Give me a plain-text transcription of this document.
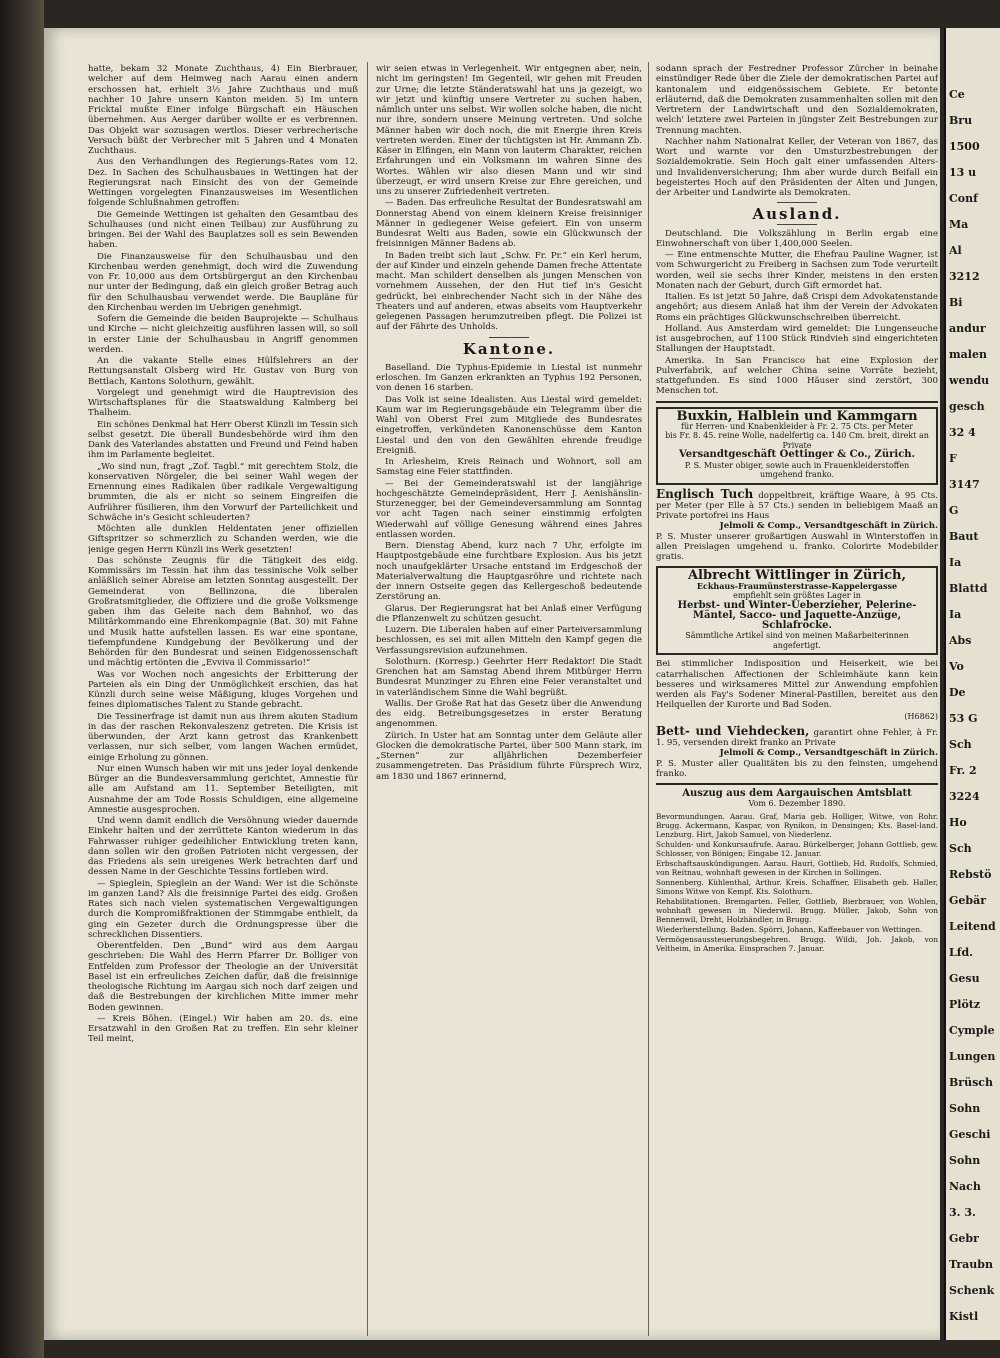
hatte, bekam 32 Monate Zuchthaus, 4) Ein Bierbrauer, welcher auf dem Heimweg nach Aarau einen andern erschossen hat, erhielt 3½ Jahre Zuchthaus und muß nachher 10 Jahre unsern Kanton meiden. 5) Im untern Fricktal mußte Einer infolge Bürgschaft ein Häuschen übernehmen. Aus Aerger darüber wollte er es verbrennen. Das Objekt war sozusagen wertlos. Dieser verbrecherische Versuch büßt der Verbrecher mit 5 Jahren und 4 Monaten Zuchthaus.

Aus den Verhandlungen des Regierungs-Rates vom 12. Dez. In Sachen des Schulhausbaues in Wettingen hat der Regierungsrat nach Einsicht des von der Gemeinde Wettingen vorgelegten Finanzausweises im Wesentlichen folgende Schlußnahmen getroffen:

Die Gemeinde Wettingen ist gehalten den Gesamtbau des Schulhauses (und nicht einen Teilbau) zur Ausführung zu bringen. Bei der Wahl des Bauplatzes soll es sein Bewenden haben.

Die Finanzausweise für den Schulhausbau und den Kirchenbau werden genehmigt, doch wird die Zuwendung von Fr. 10,000 aus dem Ortsbürgergut an den Kirchenbau nur unter der Bedingung, daß ein gleich großer Betrag auch für den Schulhausbau verwendet werde. Die Baupläne für den Kirchenbau werden im Uebrigen genehmigt.

Sofern die Gemeinde die beiden Bauprojekte — Schulhaus und Kirche — nicht gleichzeitig ausführen lassen will, so soll in erster Linie der Schulhausbau in Angriff genommen werden.

An die vakante Stelle eines Hülfslehrers an der Rettungsanstalt Olsberg wird Hr. Gustav von Burg von Bettlach, Kantons Solothurn, gewählt.

Vorgelegt und genehmigt wird die Hauptrevision des Wirtschaftsplanes für die Staatswaldung Kalmberg bei Thalheim.

Ein schönes Denkmal hat Herr Oberst Künzli im Tessin sich selbst gesetzt. Die überall Bundesbehörde wird ihm den Dank des Vaterlandes abstatten und Freund und Feind haben ihm im Parlamente begleitet.

„Wo sind nun, fragt „Zof. Tagbl.“ mit gerechtem Stolz, die konservativen Nörgeler, die bei seiner Wahl wegen der Ernennung eines Radikalen über radikale Vergewaltigung brummten, die als er nicht so seinem Eingreifen die Aufrührer füsilieren, ihm den Vorwurf der Parteilichkeit und Schwäche in's Gesicht schleuderten?

Möchten alle dunklen Heldentaten jener offiziellen Giftspritzer so schmerzlich zu Schanden werden, wie die jenige gegen Herrn Künzli ins Werk gesetzten!

Das schönste Zeugnis für die Tätigkeit des eidg. Kommissärs im Tessin hat ihm das tessinische Volk selber anläßlich seiner Abreise am letzten Sonntag ausgestellt. Der Gemeinderat von Bellinzona, die liberalen Großratsmitglieder, die Offiziere und die große Volksmenge gaben ihm das Geleite nach dem Bahnhof, wo das Militärkommando eine Ehrenkompagnie (Bat. 30) mit Fahne und Musik hatte aufstellen lassen. Es war eine spontane, tiefempfundene Kundgebung der Bevölkerung und der Behörden für den Bundesrat und seinen Eidgenossenschaft und mächtig ertönten die „Evviva il Commissario!“

Was vor Wochen noch angesichts der Erbitterung der Parteien als ein Ding der Unmöglichkeit erschien, das hat Künzli durch seine weise Mäßigung, kluges Vorgehen und feines diplomatisches Talent zu Stande gebracht.

Die Tessinerfrage ist damit nun aus ihrem akuten Stadium in das der raschen Rekonvaleszenz getreten. Die Krisis ist überwunden, der Arzt kann getrost das Krankenbett verlassen, nur sich selber, vom langen Wachen ermüdet, einige Erholung zu gönnen.

Nur einen Wunsch haben wir mit uns jeder loyal denkende Bürger an die Bundesversammlung gerichtet, Amnestie für alle am Aufstand am 11. September Beteiligten, mit Ausnahme der am Tode Rossis Schuldigen, eine allgemeine Amnestie ausgesprochen.

Und wenn damit endlich die Versöhnung wieder dauernde Einkehr halten und der zerrüttete Kanton wiederum in das Fahrwasser ruhiger gedeihlicher Entwicklung treten kann, dann sollen wir den großen Patrioten nicht vergessen, der das Friedens als sein ureigenes Werk betrachten darf und dessen Name in der Geschichte Tessins fortleben wird.

— Spieglein, Spieglein an der Wand: Wer ist die Schönste im ganzen Land? Als die freisinnige Partei des eidg. Großen Rates sich nach vielen systematischen Vergewaltigungen durch die Kompromißfraktionen der Stimmgabe enthielt, da ging ein Gezeter durch die Ordnungspresse über die schrecklichen Dissentiers.

Oberentfelden. Den „Bund“ wird aus dem Aargau geschrieben: Die Wahl des Herrn Pfarrer Dr. Bolliger von Entfelden zum Professor der Theologie an der Universität Basel ist ein erfreuliches Zeichen dafür, daß die freisinnige theologische Richtung im Aargau sich noch darf zeigen und daß die Bestrebungen der kirchlichen Mitte immer mehr Boden gewinnen.

— Kreis Böhen. (Eingel.) Wir haben am 20. ds. eine Ersatzwahl in den Großen Rat zu treffen. Ein sehr kleiner Teil meint,

wir seien etwas in Verlegenheit. Wir entgegnen aber, nein, nicht im geringsten! Im Gegenteil, wir gehen mit Freuden zur Urne; die letzte Ständeratswahl hat uns ja gezeigt, wo wir jetzt und künftig unsere Vertreter zu suchen haben, nämlich unter uns selbst. Wir wollen solche haben, die nicht nur ihre, sondern unsere Meinung vertreten. Und solche Männer haben wir doch noch, die mit Energie ihren Kreis vertreten werden. Einer der tüchtigsten ist Hr. Ammann Zb. Käser in Elfingen, ein Mann von lauterm Charakter, reichen Erfahrungen und ein Volksmann im wahren Sinne des Wortes. Wählen wir also diesen Mann und wir sind überzeugt, er wird unsern Kreise zur Ehre gereichen, und uns zu unserer Zufriedenheit vertreten.

— Baden. Das erfreuliche Resultat der Bundesratswahl am Donnerstag Abend von einem kleinern Kreise freisinniger Männer in gediegener Weise gefeiert. Ein von unserm Bundesrat Welti aus Baden, sowie ein Glückwunsch der freisinnigen Männer Badens ab.

In Baden treibt sich laut „Schw. Fr. Pr.“ ein Kerl herum, der auf Kinder und einzeln gehende Damen freche Attentate macht. Man schildert denselben als jungen Menschen von vornehmem Aussehen, der den Hut tief in's Gesicht gedrückt, bei einbrechender Nacht sich in der Nähe des Theaters und auf anderen, etwas abseits vom Hauptverkehr gelegenen Passagen herumzutreiben pflegt. Die Polizei ist auf der Fährte des Unholds.

Kantone.

Baselland. Die Typhus-Epidemie in Liestal ist nunmehr erloschen. Im Ganzen erkrankten an Typhus 192 Personen, von denen 16 starben.

Das Volk ist seine Idealisten. Aus Liestal wird gemeldet: Kaum war im Regierungsgebäude ein Telegramm über die Wahl von Oberst Frei zum Mitgliede des Bundesrates eingetroffen, verkündeten Kanonenschüsse dem Kanton Liestal und den von den Gewählten ehrende freudige Ereigniß.

In Arlesheim, Kreis Reinach und Wohnort, soll am Samstag eine Feier stattfinden.

— Bei der Gemeinderatswahl ist der langjährige hochgeschätzte Gemeindepräsident, Herr J. Aenishänslin-Sturzenegger, bei der Gemeindeversammlung am Sonntag vor acht Tagen nach seiner einstimmig erfolgten Wiederwahl auf völlige Genesung während eines Jahres entlassen worden.

Bern. Dienstag Abend, kurz nach 7 Uhr, erfolgte im Hauptpostgebäude eine furchtbare Explosion. Aus bis jetzt noch unaufgeklärter Ursache entstand im Erdgeschoß der Materialverwaltung die Hauptgasröhre und richtete nach der innern Ostseite gegen das Kellergeschoß bedeutende Zerstörung an.

Glarus. Der Regierungsrat hat bei Anlaß einer Verfügung die Pflanzenwelt zu schützen gesucht.

Luzern. Die Liberalen haben auf einer Parteiversammlung beschlossen, es sei mit allen Mitteln den Kampf gegen die Verfassungsrevision aufzunehmen.

Solothurn. (Korresp.) Geehrter Herr Redaktor! Die Stadt Grenchen hat am Samstag Abend ihrem Mitbürger Herrn Bundesrat Munzinger zu Ehren eine Feier veranstaltet und in vaterländischem Sinne die Wahl begrüßt.

Wallis. Der Große Rat hat das Gesetz über die Anwendung des eidg. Betreibungsgesetzes in erster Beratung angenommen.

Zürich. In Uster hat am Sonntag unter dem Geläute aller Glocken die demokratische Partei, über 500 Mann stark, im „Sternen“ zur alljährlichen Dezemberfeier zusammengetreten. Das Präsidium führte Fürsprech Wirz, am 1830 und 1867 erinnernd,

sodann sprach der Festredner Professor Zürcher in beinahe einstündiger Rede über die Ziele der demokratischen Partei auf kantonalem und eidgenössischem Gebiete. Er betonte erläuternd, daß die Demokraten zusammenhalten sollen mit den Vertretern der Landwirtschaft und den Sozialdemokraten, welch' letztere zwei Parteien in jüngster Zeit Bestrebungen zur Trennung machten.

Nachher nahm Nationalrat Keller, der Veteran von 1867, das Wort und warnte vor den Umsturzbestrebungen der Sozialdemokratie. Sein Hoch galt einer umfassenden Alters- und Invalidenversicherung; Ihm aber wurde durch Beifall ein begeistertes Hoch auf den Präsidenten der Alten und Jungen, der Arbeiter und Landwirte als Demokraten.

Ausland.

Deutschland. Die Volkszählung in Berlin ergab eine Einwohnerschaft von über 1,400,000 Seelen.

— Eine entmenschte Mutter, die Ehefrau Pauline Wagner, ist vom Schwurgericht zu Freiberg in Sachsen zum Tode verurteilt worden, weil sie sechs ihrer Kinder, meistens in den ersten Monaten nach der Geburt, durch Gift ermordet hat.

Italien. Es ist jetzt 50 Jahre, daß Crispi dem Advokatenstande angehört; aus diesem Anlaß hat ihm der Verein der Advokaten Roms ein prächtiges Glückwunschschreiben überreicht.

Holland. Aus Amsterdam wird gemeldet: Die Lungenseuche ist ausgebrochen, auf 1100 Stück Rindvieh sind eingerichteten Stallungen der Hauptstadt.

Amerika. In San Francisco hat eine Explosion der Pulverfabrik, auf welcher China seine Vorräte bezieht, stattgefunden. Es sind 1000 Häuser sind zerstört, 300 Menschen tot.

Buxkin, Halblein und Kammgarn
für Herren- und Knabenkleider à Fr. 2. 75 Cts. per Meter
bis Fr. 8. 45. reine Wolle, nadelfertig ca. 140 Cm. breit, direkt an Private
Versandtgeschäft Oettinger & Co., Zürich.
P. S. Muster obiger, sowie auch in Frauenkleiderstoffen umgehend franko.
Englisch Tuch doppeltbreit, kräftige Waare, à 95 Cts. per Meter (per Elle à 57 Cts.) senden in beliebigem Maaß an Private portofrei ins Haus
Jelmoli & Comp., Versandtgeschäft in Zürich.
P. S. Muster unserer großartigen Auswahl in Winterstoffen in allen Preislagen umgehend u. franko. Colorirte Modebilder gratis.
Albrecht Wittlinger in Zürich,
Eckhaus-Fraumünsterstrasse-Kappelergasse
empfiehlt sein größtes Lager in
Herbst- und Winter-Ueberzieher, Pelerine-Mäntel, Sacco- und Jaquette-Anzüge, Schlafröcke.
Sämmtliche Artikel sind von meinen Maßarbeiterinnen angefertigt.

Bei stimmlicher Indisposition und Heiserkeit, wie bei catarrhalischen Affectionen der Schleimhäute kann kein besseres und wirksameres Mittel zur Anwendung empfohlen werden als Fay's Sodener Mineral-Pastillen, bereitet aus den Heilquellen der Kurorte und Bad Soden.

(H6862)
Bett- und Viehdecken, garantirt ohne Fehler, à Fr. 1. 95, versenden direkt franko an Private
Jelmoli & Comp., Versandtgeschäft in Zürich.
P. S. Muster aller Qualitäten bis zu den feinsten, umgehend franko.
Auszug aus dem Aargauischen Amtsblatt
Vom 6. Dezember 1890.

Bevormundungen. Aarau. Graf, Maria geb. Holliger, Witwe, von Rohr. Brugg. Ackermann, Kaspar, von Rynikon, in Densingen; Kts. Basel-land. Lenzburg. Hirt, Jakob Samuel, von Niederlenz.

Schulden- und Konkursaufrufe. Aarau. Bürkelberger, Johann Gottlieb, gew. Schlosser, von Bönigen; Eingabe 12. Januar.

Erbschaftsauskündigungen. Aarau. Hauri, Gottlieb, Hd. Rudolfs, Schmied, von Reitnau, wohnhaft gewesen in der Kirchen in Sollingen.

Sonnenberg. Kühlenthal, Arthur. Kreis. Schaffner, Elisabeth geb. Haller, Simons Witwe von Kempf. Kts. Solothurn.

Rehabilitationen. Bremgarten. Feller, Gottlieb, Bierbrauer, von Wohlen, wohnhaft gewesen in Niederwil. Brugg. Müller, Jakob, Sohn von Bennenwil, Dreht, Holzhändler, in Brugg.

Wiederherstellung. Baden. Spörri, Johann, Kaffeebauer von Wettingen.

Vermögensaussteuerungsbegehren. Brugg. Wildi, Joh. Jakob, von Veltheim, in Amerika. Einsprachen 7. Januar.

Ce
Bru
1500
13 u
Conf
Ma
Al
3212
Bi
andur
malen
wendu
gesch
32 4
F
3147
G
Baut
Ia
Blattd
Ia
Abs
Vo
De
53 G
Sch
Fr. 2
3224
Ho
Sch
Rebstö
Gebär
Leitend
Lfd.
Gesu
Plötz
Cymple
Lungen
Brüsch
Sohn
Geschi
Sohn
Nach
3. 3.
Gebr
Traubn
Schenk
Kistl
